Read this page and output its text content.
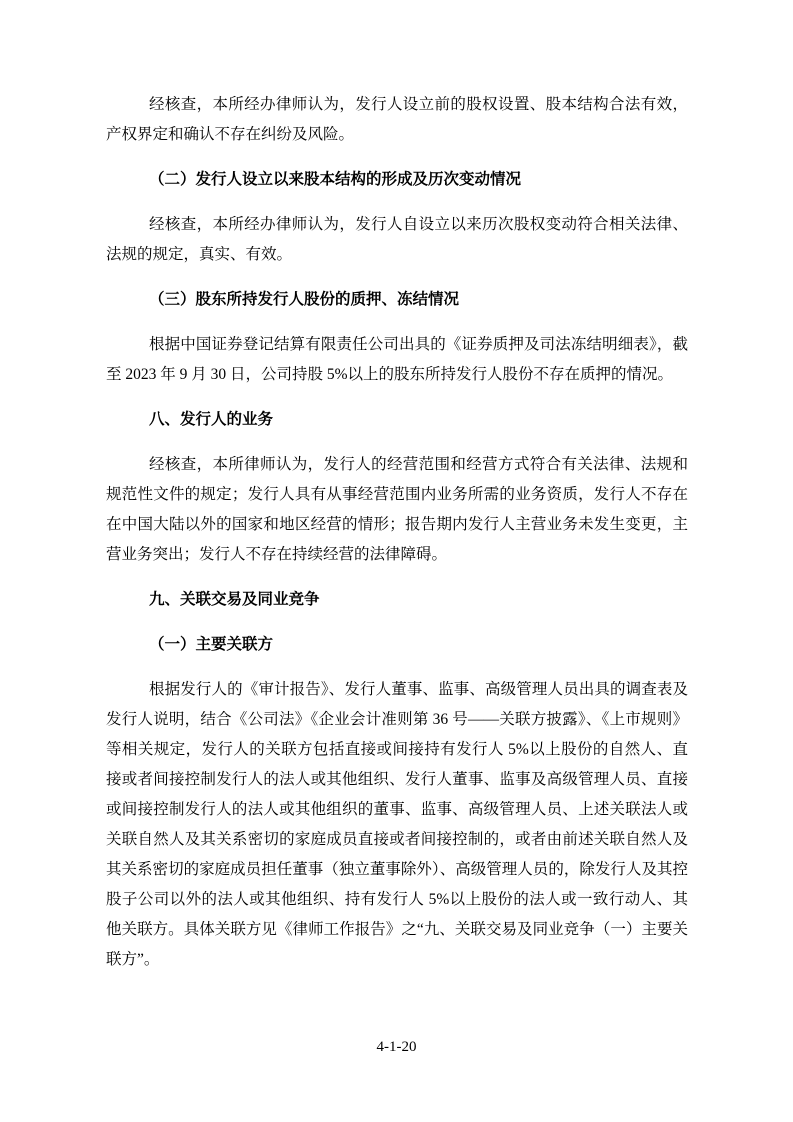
经核查，本所经办律师认为，发行人设立前的股权设置、股本结构合法有效，产权界定和确认不存在纠纷及风险。

（二）发行人设立以来股本结构的形成及历次变动情况

经核查，本所经办律师认为，发行人自设立以来历次股权变动符合相关法律、法规的规定，真实、有效。

（三）股东所持发行人股份的质押、冻结情况

根据中国证券登记结算有限责任公司出具的《证券质押及司法冻结明细表》，截至 2023 年 9 月 30 日，公司持股 5%以上的股东所持发行人股份不存在质押的情况。

八、发行人的业务

经核查，本所律师认为，发行人的经营范围和经营方式符合有关法律、法规和规范性文件的规定；发行人具有从事经营范围内业务所需的业务资质，发行人不存在在中国大陆以外的国家和地区经营的情形；报告期内发行人主营业务未发生变更，主营业务突出；发行人不存在持续经营的法律障碍。

九、关联交易及同业竞争

（一）主要关联方

根据发行人的《审计报告》、发行人董事、监事、高级管理人员出具的调查表及发行人说明，结合《公司法》《企业会计准则第 36 号——关联方披露》、《上市规则》等相关规定，发行人的关联方包括直接或间接持有发行人 5%以上股份的自然人、直接或者间接控制发行人的法人或其他组织、发行人董事、监事及高级管理人员、直接或间接控制发行人的法人或其他组织的董事、监事、高级管理人员、上述关联法人或关联自然人及其关系密切的家庭成员直接或者间接控制的，或者由前述关联自然人及其关系密切的家庭成员担任董事（独立董事除外）、高级管理人员的，除发行人及其控股子公司以外的法人或其他组织、持有发行人 5%以上股份的法人或一致行动人、其他关联方。具体关联方见《律师工作报告》之“九、关联交易及同业竞争（一）主要关联方”。

4-1-20
